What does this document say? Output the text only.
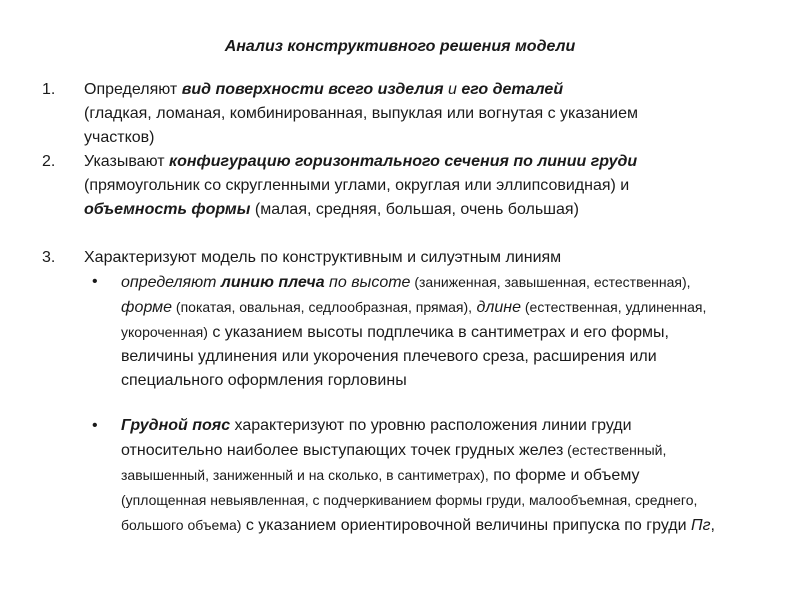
Анализ конструктивного решения модели
1. Определяют вид поверхности всего изделия и его деталей
(гладкая, ломаная, комбинированная, выпуклая или вогнутая с указанием участков)
2. Указывают конфигурацию горизонтального сечения по линии груди (прямоугольник со скругленными углами, округлая или эллипсовидная) и объемность формы (малая, средняя, большая, очень большая)
3. Характеризуют модель по конструктивным и силуэтным линиям
• определяют линию плеча по высоте (заниженная, завышенная, естественная), форме (покатая, овальная, седлообразная, прямая), длине (естественная, удлиненная, укороченная) с указанием высоты подплечика в сантиметрах и его формы, величины удлинения или укорочения плечевого среза, расширения или специального оформления горловины
• Грудной пояс характеризуют по уровню расположения линии груди относительно наиболее выступающих точек грудных желез (естественный, завышенный, заниженный и на сколько, в сантиметрах), по форме и объему (уплощенная невыявленная, с подчеркиванием формы груди, малообъемная, среднего, большого объема) с указанием ориентировочной величины припуска по груди Пг,
